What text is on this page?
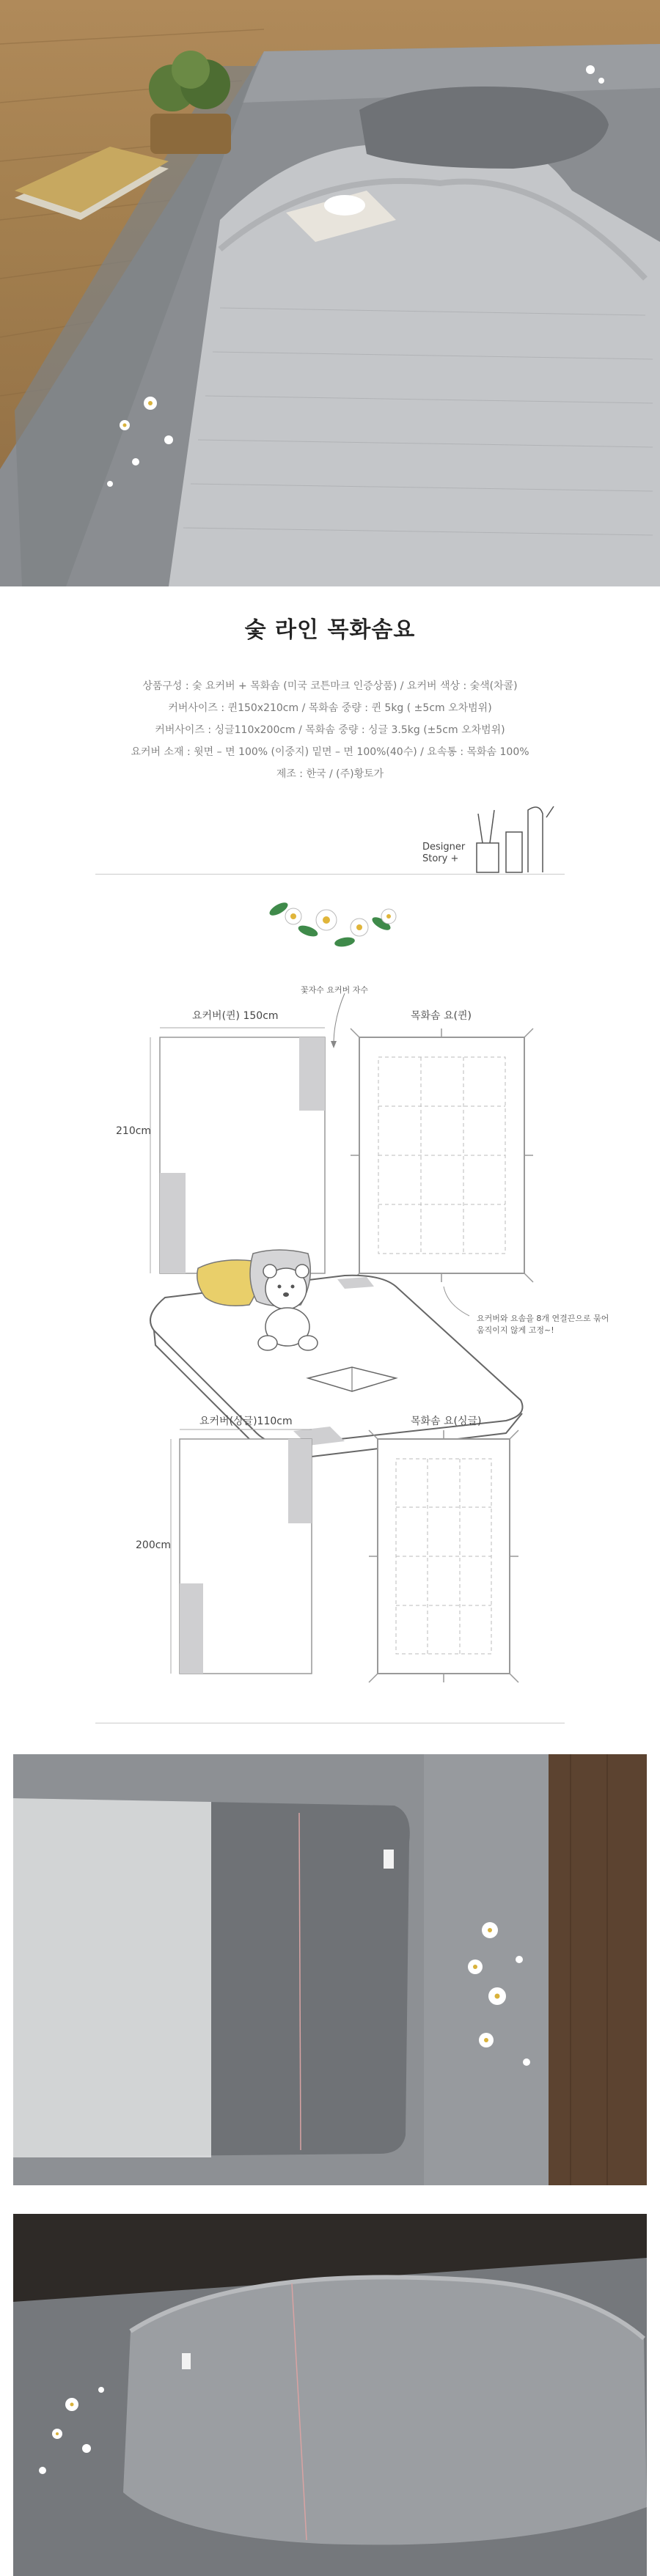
숯 라인 목화솜요
상품구성 : 숯 요커버 + 목화솜 (미국 코튼마크 인증상품) / 요커버 색상 : 숯색(차콜)
커버사이즈 : 퀸150x210cm / 목화솜 중량 : 퀸 5kg ( ±5cm 오차범위)
커버사이즈 : 싱글110x200cm / 목화솜 중량 : 싱글 3.5kg (±5cm 오차범위)
요커버 소재 : 윗면 – 면 100% (이중지) 밑면 – 면 100%(40수) / 요속통 : 목화솜 100%
제조 : 한국 / (주)황토가
Designer
Story +
꽃자수 요커버 자수
요커버(퀸) 150cm
210cm
목화솜 요(퀸)
요커버와 요솜을 8개 연결끈으로 묶어
움직이지 않게 고정~!
요커버(싱글)110cm
200cm
목화솜 요(싱글)
